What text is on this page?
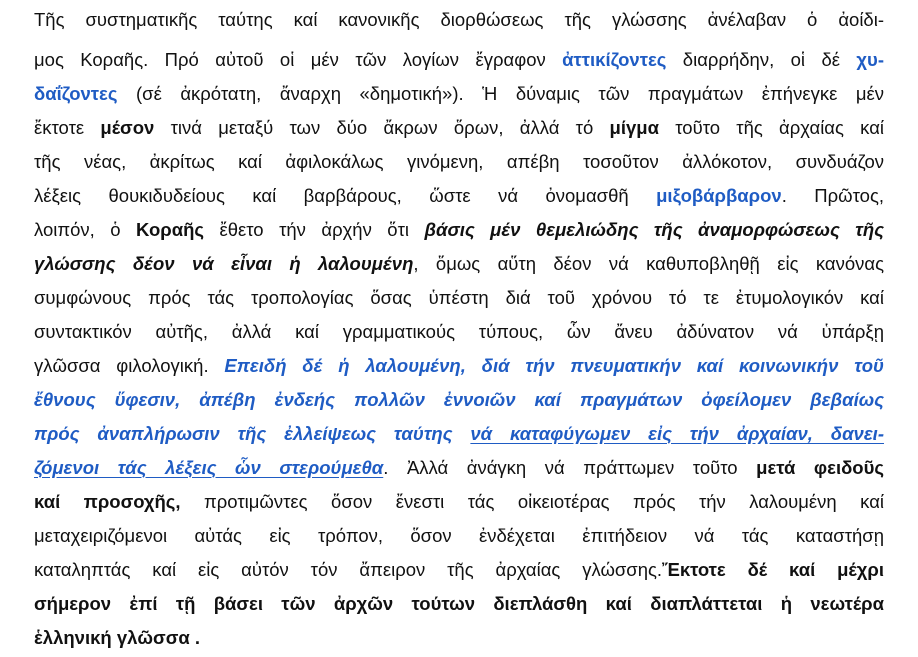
Τῆς συστηματικῆς ταύτης καί κανονικῆς διορθώσεως τῆς γλώσσης ἀνέλαβαν ὁ ἀοίδι-
μος Κοραῆς. Πρό αὐτοῦ οἱ μέν τῶν λογίων ἔγραφον ἀττικίζοντες διαρρήδην, οἱ δέ χυ-
δαΐζοντες (σέ ἀκρότατη, ἄναρχη «δημοτική»). Ἡ δύναμις τῶν πραγμάτων ἐπήνεγκε μέν
ἔκτοτε μέσον τινά μεταξύ των δύο ἄκρων ὅρων, ἀλλά τό μίγμα τοῦτο τῆς ἀρχαίας καί
τῆς νέας, ἀκρίτως καί ἀφιλοκάλως γινόμενη, απέβη τοσοῦτον ἀλλόκοτον, συνδυάζον
λέξεις θουκιδυδείους καί βαρβάρους, ὥστε νά ὀνομασθῆ μιξοβάρβαρον. Πρῶτος,
λοιπόν, ὁ Κοραῆς ἔθετο τήν ἀρχήν ὅτι βάσις μέν θεμελιώδης τῆς ἀναμορφώσεως τῆς
γλώσσης δέον νά εἶναι ἡ λαλουμένη, ὅμως αὕτη δέον νά καθυποβληθῇ εἰς κανόνας
συμφώνους πρός τάς τροπολογίας ὅσας ὑπέστη διά τοῦ χρόνου τό τε ἐτυμολογικόν καί
συντακτικόν αὐτῆς, ἀλλά καί γραμματικούς τύπους, ὧν ἄνευ ἀδύνατον νά ὑπάρξῃ
γλῶσσα φιλολογική. Επειδή δέ ἡ λαλουμένη, διά τήν πνευματικήν καί κοινωνικήν τοῦ
ἔθνους ὕφεσιν, ἀπέβη ἐνδεής πολλῶν ἐννοιῶν καί πραγμάτων ὀφείλομεν βεβαίως
πρός ἀναπλήρωσιν τῆς ἐλλείψεως ταύτης νά καταφύγωμεν εἰς τήν ἀρχαίαν, δανει-
ζόμενοι τάς λέξεις ὧν στερούμεθα. Ἀλλά ἀνάγκη νά πράττωμεν τοῦτο μετά φειδοῦς
καί προσοχῆς, προτιμῶντες ὅσον ἔνεστι τάς οἰκειοτέρας πρός τήν λαλουμένη καί
μεταχειριζόμενοι αὐτάς εἰς τρόπον, ὅσον ἐνδέχεται ἐπιτήδειον νά τάς καταστήσῃ
καταληπτάς καί εἰς αὐτόν τόν ἄπειρον τῆς ἀρχαίας γλώσσης.Ἔκτοτε δέ καί μέχρι
σήμερον ἐπί τῇ βάσει τῶν ἀρχῶν τούτων διεπλάσθη καί διαπλάττεται ἡ νεωτέρα
ἑλληνική γλῶσσα .
